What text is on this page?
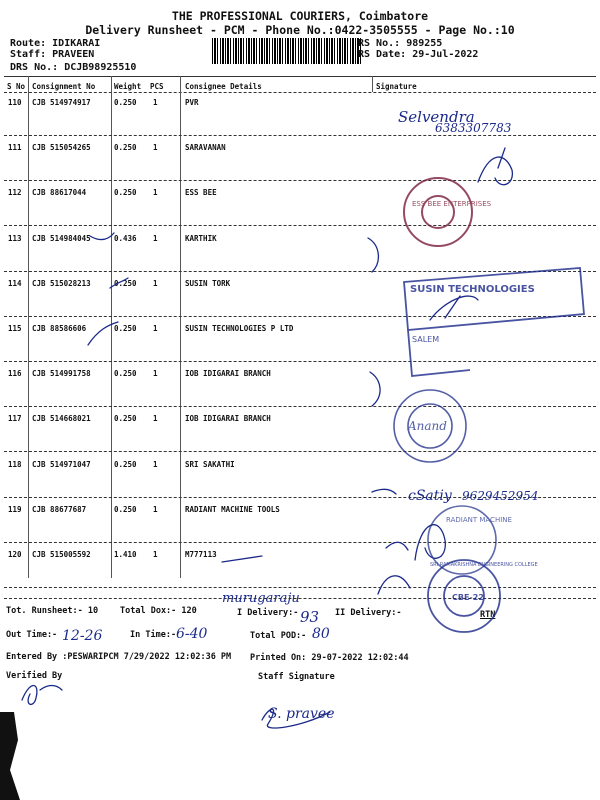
THE PROFESSIONAL COURIERS, Coimbatore
Delivery Runsheet - PCM - Phone No.:0422-3505555 - Page No.:10
Route: IDIKARAI
Staff: PRAVEEN
DRS No.: DCJB98925510
RS No.: 989255
RS Date: 29-Jul-2022
S No Consignment No	Weight PCS	Consignee Details	Signature
110 CJB 514974917	0.250 1	PVR
111 CJB 515054265	0.250 1	SARAVANAN
112 CJB 88617044	0.250 1	ESS BEE
113 CJB 514984045	0.436 1	KARTHIK
114 CJB 515028213	0.250 1	SUSIN TORK
115 CJB 88586606	0.250 1	SUSIN TECHNOLOGIES P LTD
116 CJB 514991758	0.250 1	IOB IDIGARAI BRANCH
117 CJB 514668021	0.250 1	IOB IDIGARAI BRANCH
118 CJB 514971047	0.250 1	SRI SAKATHI
119 CJB 88677687	0.250 1	RADIANT MACHINE TOOLS
120 CJB 515005592	1.410 1	M777113
Tot. Runsheet:- 10	Total Dox:- 120	I Delivery:-	II Delivery:-	RTN
Out Time:-	In Time:-	Total POD:-
Entered By :PESWARIPCM 7/29/2022 12:02:36 PM Printed On: 29-07-2022 12:02:44
Verified By	Staff Signature
Selvendra
6383307783
cSatiy 9629452954
murugaraju
93
12-26	6-40	80
S. pravee
ESS BEE ENTERPRISES
SUSIN TECHNOLOGIES
SALEM
Anand
RADIANT MACHINE
CBE-22
SRI RAMAKRISHNA ENGINEERING COLLEGE
